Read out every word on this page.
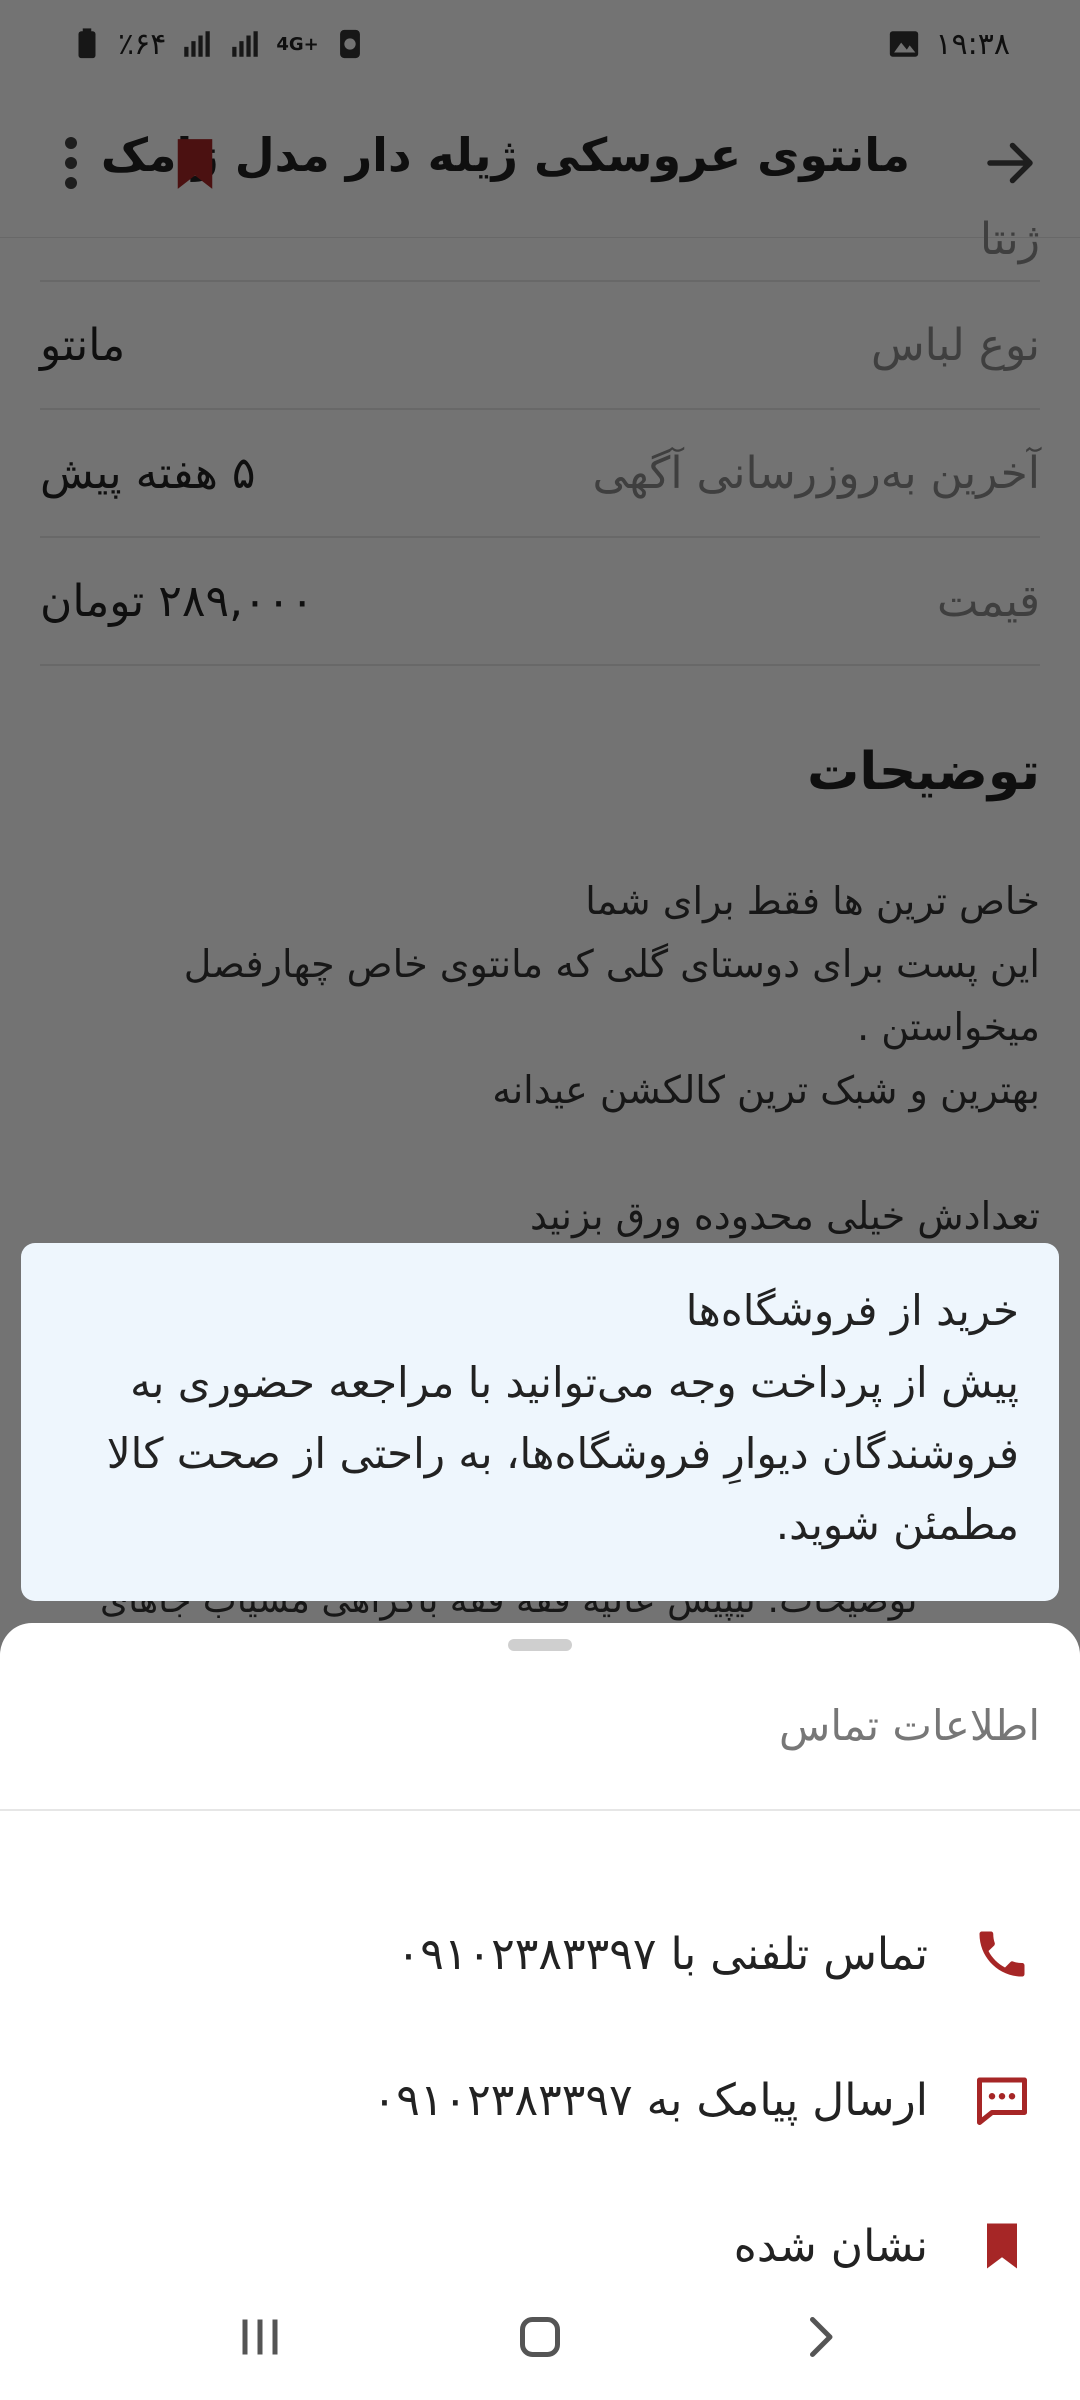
خرید از فروشگاه‌ها
پیش از پرداخت وجه می‌توانید با مراجعه حضوری به فروشندگان دیوارِ فروشگاه‌ها، به راحتی از صحت کالا مطمئن شوید.
اطلاعات تماس
تماس تلفنی با ۰۹۱۰۲۳۸۳۳۹۷
ارسال پیامک به ۰۹۱۰۲۳۸۳۳۹۷
نشان شده
